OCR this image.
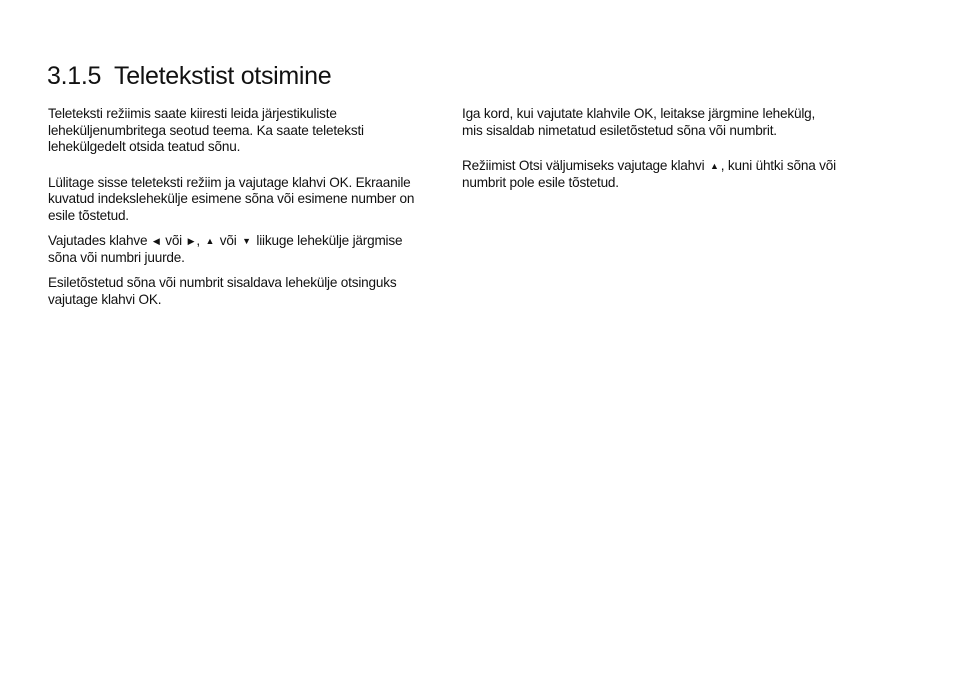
3.1.5 Teletekstist otsimine

Teleteksti režiimis saate kiiresti leida järjestikuliste leheküljenumbritega seotud teema. Ka saate teleteksti lehekülgedelt otsida teatud sõnu.

Lülitage sisse teleteksti režiim ja vajutage klahvi OK. Ekraanile kuvatud indekslehekülje esimene sõna või esimene number on esile tõstetud.

Vajutades klahve ◀ või ▶ , ▲ või ▼ liikuge lehekülje järgmise sõna või numbri juurde.

Esiletõstetud sõna või numbrit sisaldava lehekülje otsinguks vajutage klahvi OK.

Iga kord, kui vajutate klahvile OK, leitakse järgmine lehekülg, mis sisaldab nimetatud esiletõstetud sõna või numbrit.

Režiimist Otsi väljumiseks vajutage klahvi ▲ , kuni ühtki sõna või numbrit pole esile tõstetud.
